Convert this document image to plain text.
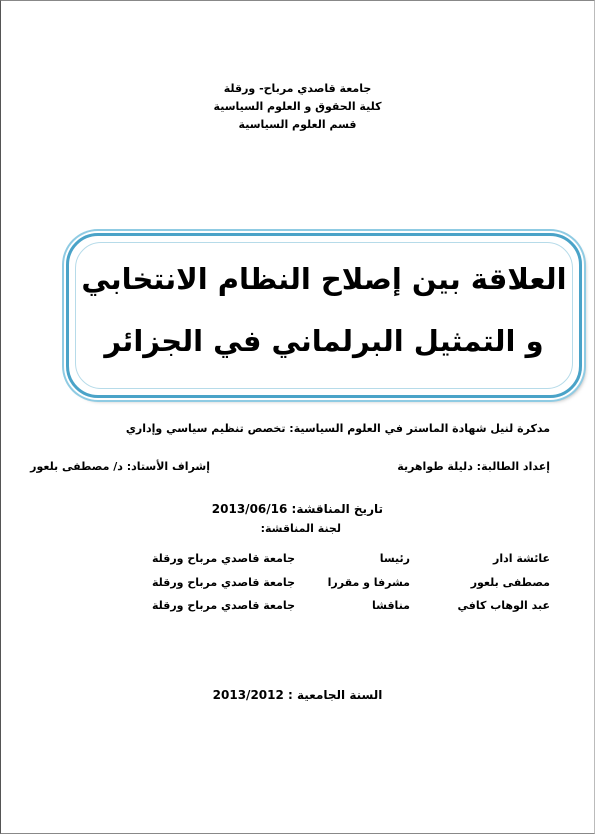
جامعة قاصدي مرباح- ورقلة
كلية الحقوق و العلوم السياسية
قسم العلوم السياسية
العلاقة بين إصلاح النظام الانتخابي
و التمثيل البرلماني في الجزائر
مدكرة لنيل شهادة الماستر في العلوم السياسية: تخصص تنظيم سياسي وإداري
إعداد الطالبة: دليلة طواهرية
إشراف الأستاد: د/ مصطفى بلعور
تاريخ المناقشة: 2013/06/16
لجنة المناقشة:
عائشة ادار
رئيسا
جامعة قاصدي مرباح ورقلة
مصطفى بلعور
مشرفا و مقررا
جامعة قاصدي مرباح ورقلة
عبد الوهاب كافي
مناقشا
جامعة قاصدي مرباح ورقلة
السنة الجامعية : 2013/2012
